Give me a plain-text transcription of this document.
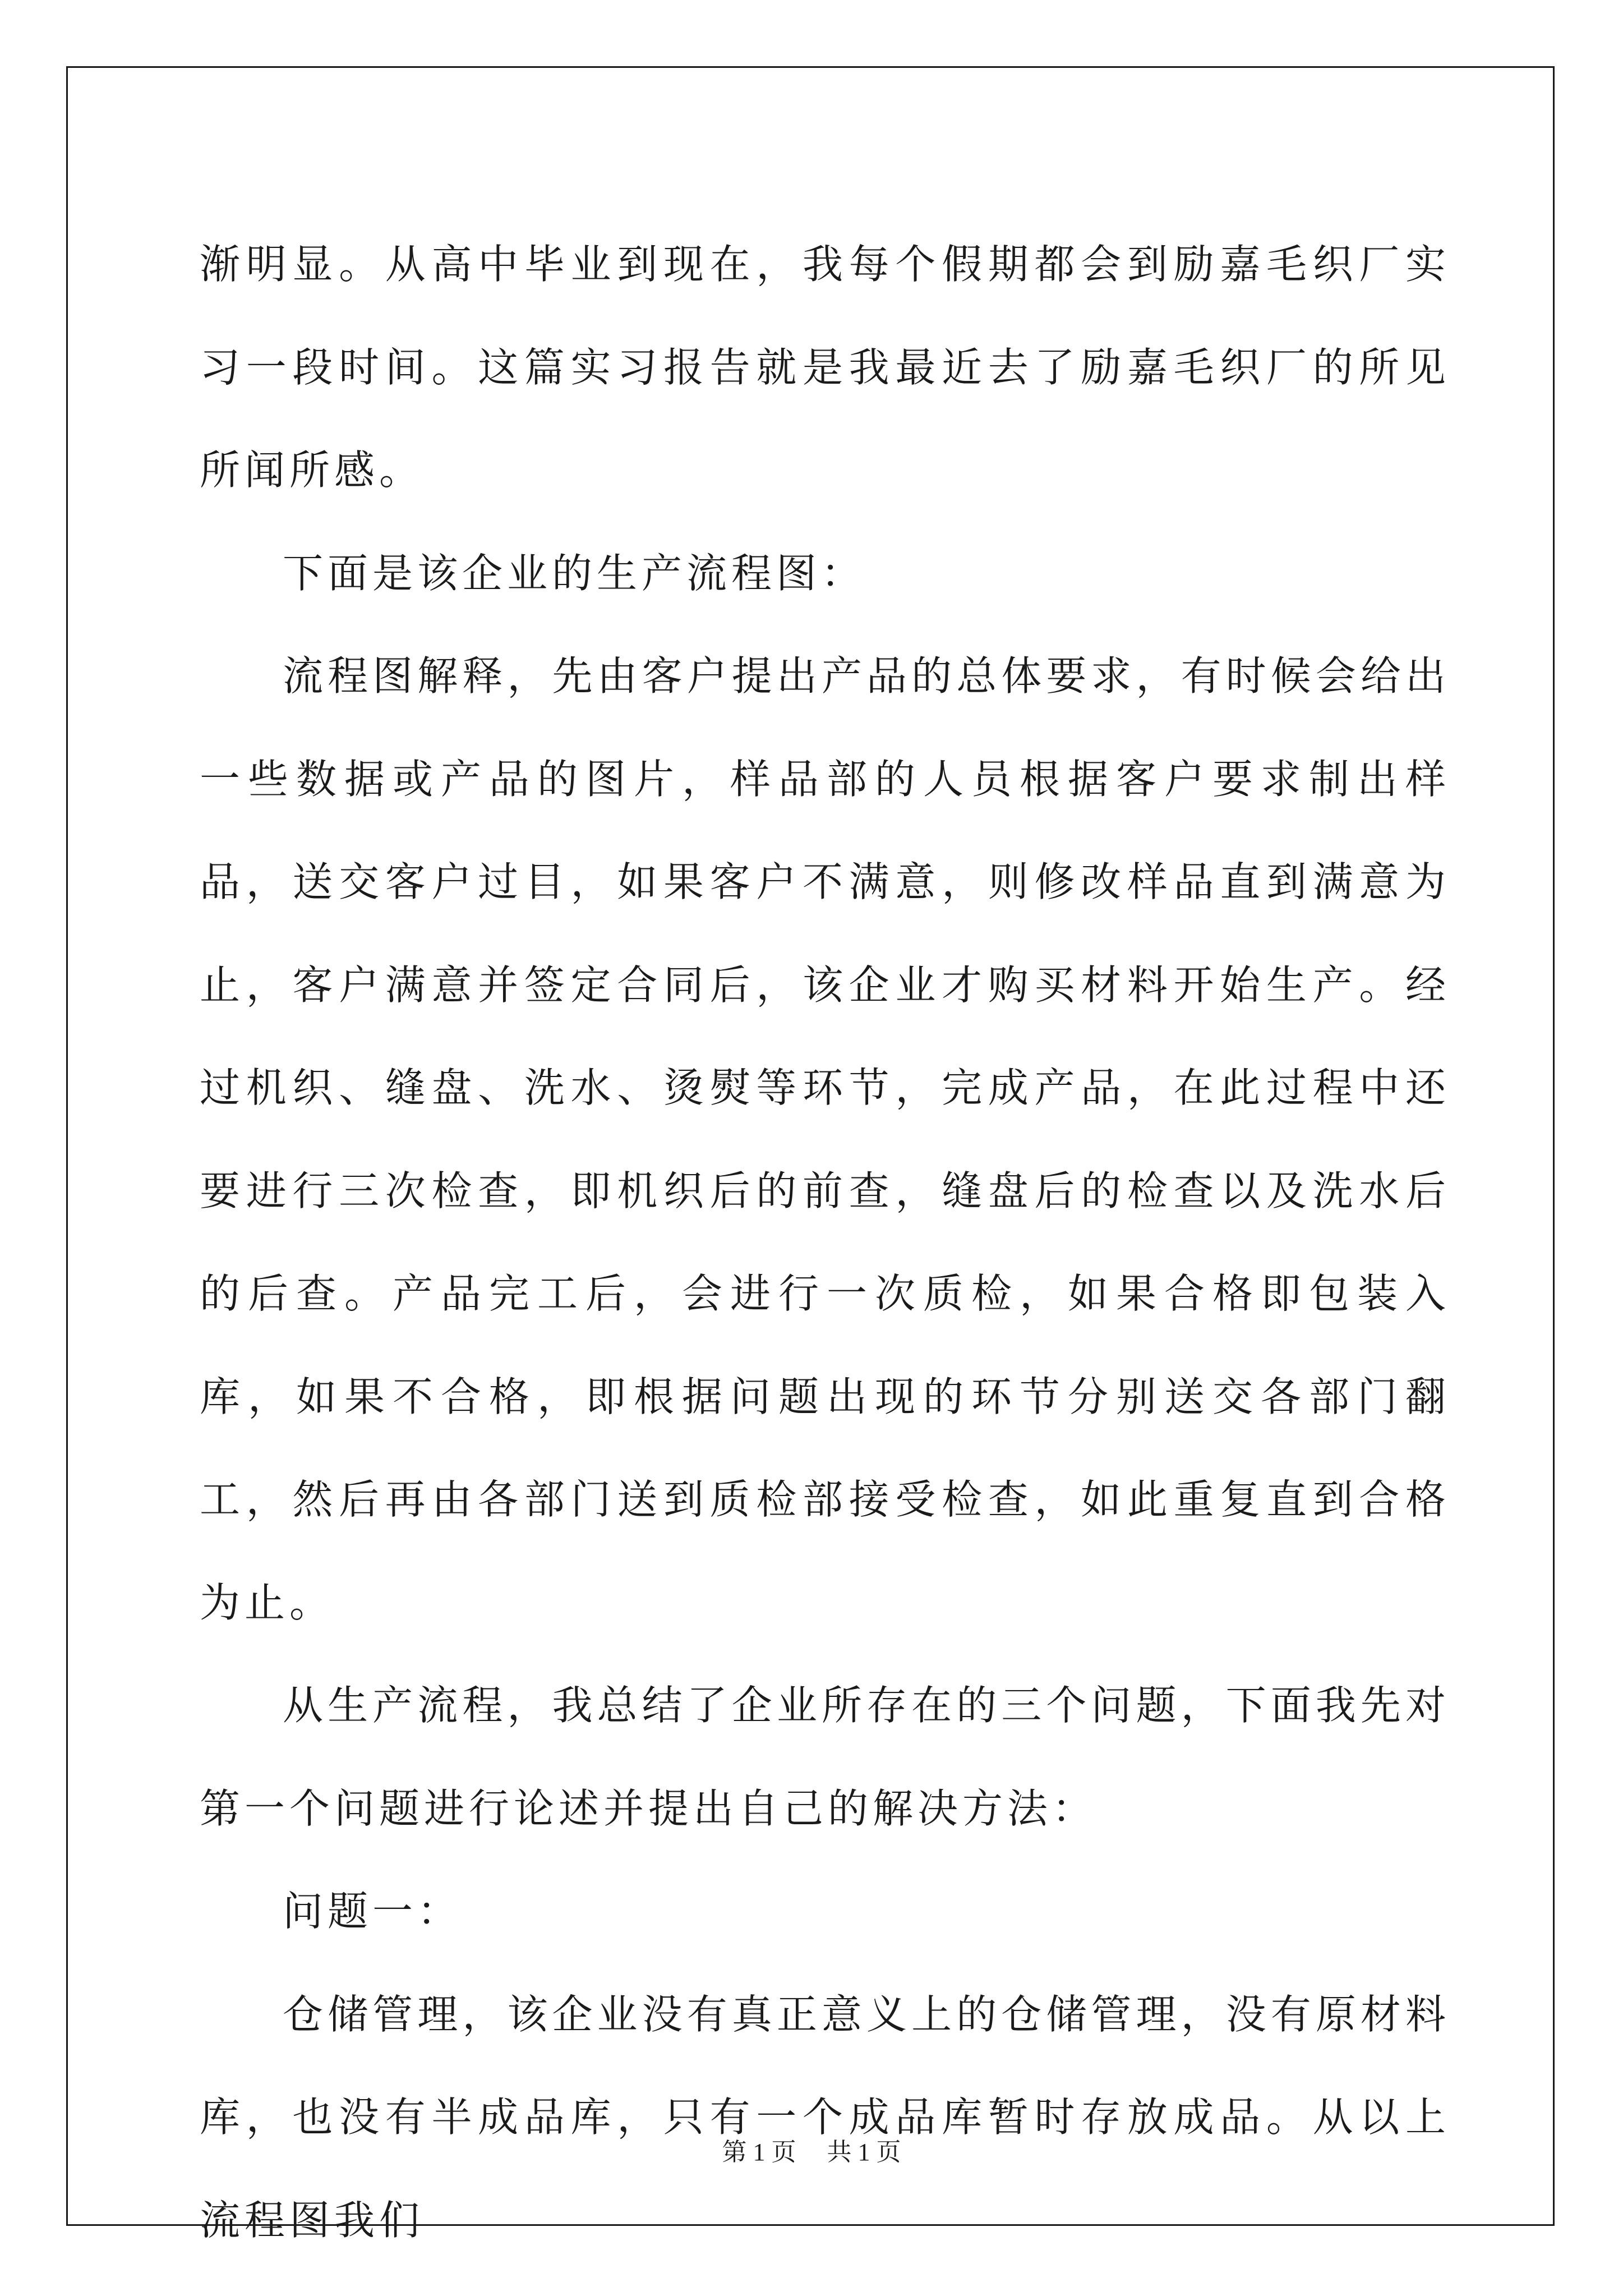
渐明显。从高中毕业到现在，我每个假期都会到励嘉毛织厂实习一段时间。这篇实习报告就是我最近去了励嘉毛织厂的所见所闻所感。

下面是该企业的生产流程图：

流程图解释，先由客户提出产品的总体要求，有时候会给出一些数据或产品的图片，样品部的人员根据客户要求制出样品，送交客户过目，如果客户不满意，则修改样品直到满意为止，客户满意并签定合同后，该企业才购买材料开始生产。经过机织、缝盘、洗水、烫熨等环节，完成产品，在此过程中还要进行三次检查，即机织后的前查，缝盘后的检查以及洗水后的后查。产品完工后，会进行一次质检，如果合格即包装入库，如果不合格，即根据问题出现的环节分别送交各部门翻工，然后再由各部门送到质检部接受检查，如此重复直到合格为止。

从生产流程，我总结了企业所存在的三个问题，下面我先对第一个问题进行论述并提出自己的解决方法：

问题一：

仓储管理，该企业没有真正意义上的仓储管理，没有原材料库，也没有半成品库，只有一个成品库暂时存放成品。从以上流程图我们

第 1 页 共 1 页
